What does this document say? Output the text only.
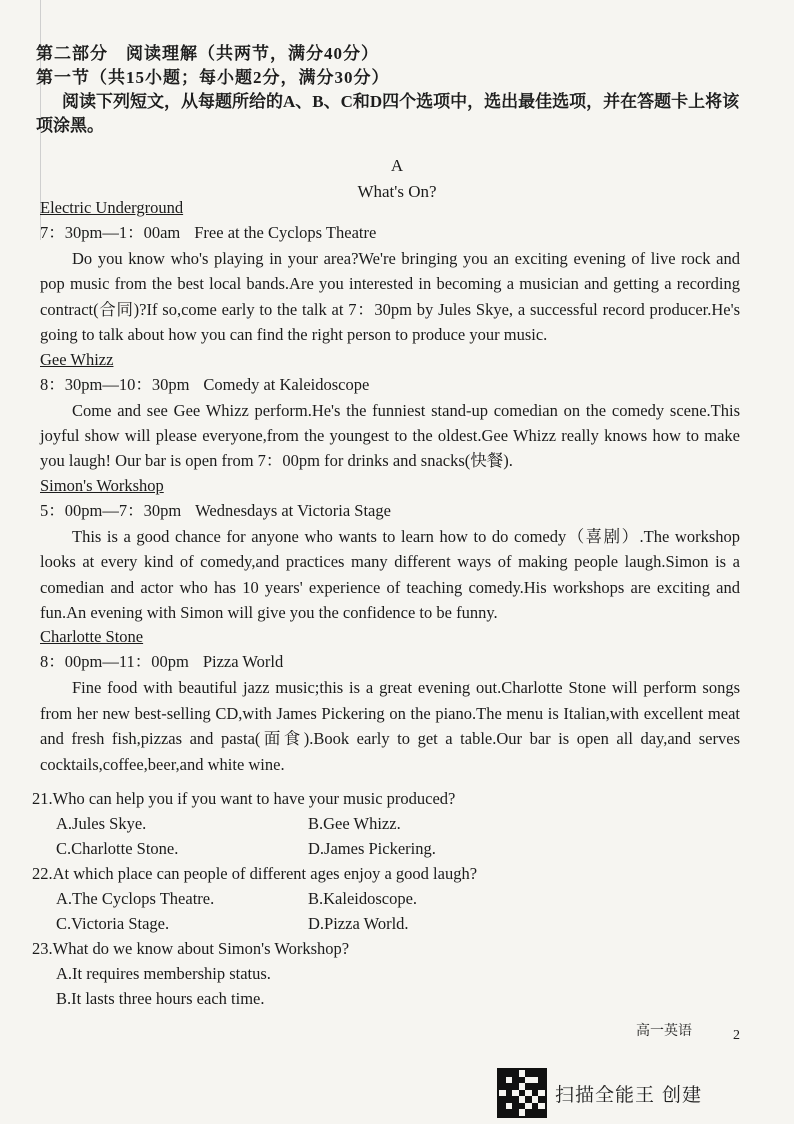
第二部分　阅读理解（共两节，满分40分）
第一节（共15小题；每小题2分，满分30分）
阅读下列短文，从每题所给的A、B、C和D四个选项中，选出最佳选项，并在答题卡上将该项涂黑。
A
What's On?
Electric Underground
7：30pm—1：00am Free at the Cyclops Theatre

Do you know who's playing in your area?We're bringing you an exciting evening of live rock and pop music from the best local bands.Are you interested in becoming a musician and getting a recording contract(合同)?If so,come early to the talk at 7：30pm by Jules Skye, a successful record producer.He's going to talk about how you can find the right person to produce your music.

Gee Whizz
8：30pm—10：30pm Comedy at Kaleidoscope

Come and see Gee Whizz perform.He's the funniest stand-up comedian on the comedy scene.This joyful show will please everyone,from the youngest to the oldest.Gee Whizz really knows how to make you laugh! Our bar is open from 7：00pm for drinks and snacks(快餐).

Simon's Workshop
5：00pm—7：30pm Wednesdays at Victoria Stage

This is a good chance for anyone who wants to learn how to do comedy（喜剧）.The workshop looks at every kind of comedy,and practices many different ways of making people laugh.Simon is a comedian and actor who has 10 years' experience of teaching comedy.His workshops are exciting and fun.An evening with Simon will give you the confidence to be funny.

Charlotte Stone
8：00pm—11：00pm Pizza World

Fine food with beautiful jazz music;this is a great evening out.Charlotte Stone will perform songs from her new best-selling CD,with James Pickering on the piano.The menu is Italian,with excellent meat and fresh fish,pizzas and pasta(面食).Book early to get a table.Our bar is open all day,and serves cocktails,coffee,beer,and white wine.

21.Who can help you if you want to have your music produced?
A.Jules Skye.	B.Gee Whizz.
C.Charlotte Stone.	D.James Pickering.
22.At which place can people of different ages enjoy a good laugh?
A.The Cyclops Theatre.	B.Kaleidoscope.
C.Victoria Stage.	D.Pizza World.
23.What do we know about Simon's Workshop?
A.It requires membership status.
B.It lasts three hours each time.
高一英语	2
扫描全能王 创建
